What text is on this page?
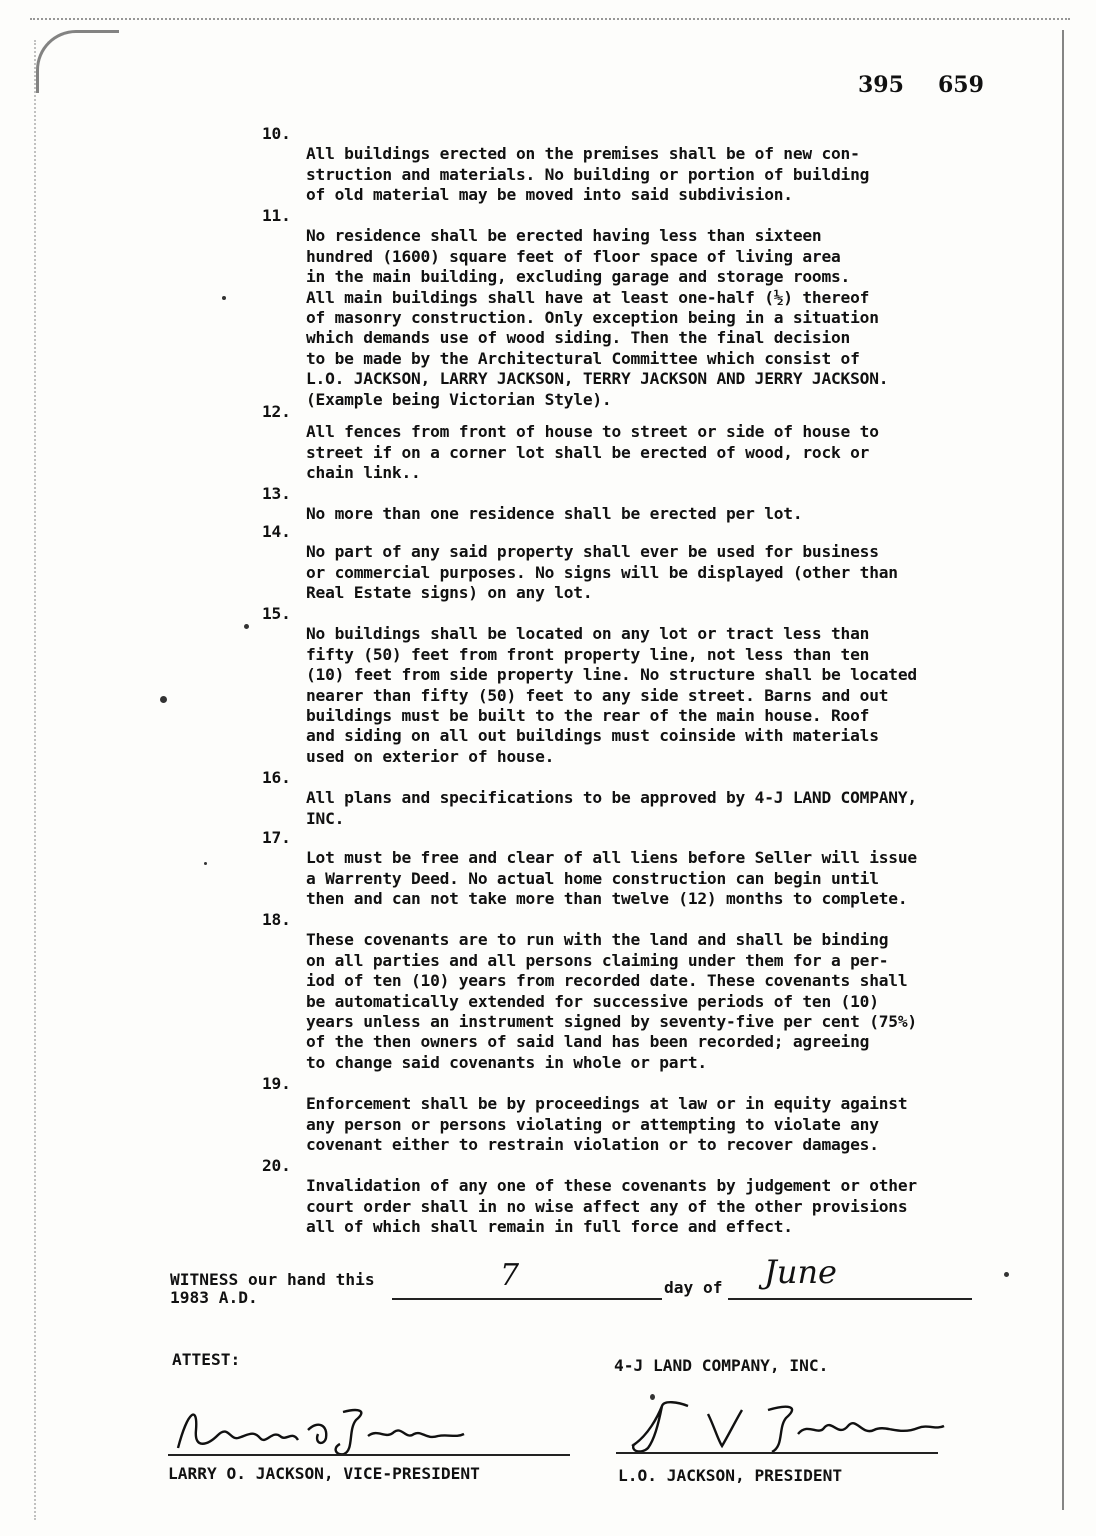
395 659

10.
All buildings erected on the premises shall be of new con-
struction and materials. No building or portion of building
of old material may be moved into said subdivision.

11.
No residence shall be erected having less than sixteen
hundred (1600) square feet of floor space of living area
in the main building, excluding garage and storage rooms.
All main buildings shall have at least one-half (½) thereof
of masonry construction. Only exception being in a situation
which demands use of wood siding. Then the final decision
to be made by the Architectural Committee which consist of
L.O. JACKSON, LARRY JACKSON, TERRY JACKSON AND JERRY JACKSON.
(Example being Victorian Style).

12.
All fences from front of house to street or side of house to
street if on a corner lot shall be erected of wood, rock or
chain link..

13.
No more than one residence shall be erected per lot.

14.
No part of any said property shall ever be used for business
or commercial purposes. No signs will be displayed (other than
Real Estate signs) on any lot.

15.
No buildings shall be located on any lot or tract less than
fifty (50) feet from front property line, not less than ten
(10) feet from side property line. No structure shall be located
nearer than fifty (50) feet to any side street. Barns and out
buildings must be built to the rear of the main house. Roof
and siding on all out buildings must coinside with materials
used on exterior of house.

16.
All plans and specifications to be approved by 4-J LAND COMPANY,
INC.

17.
Lot must be free and clear of all liens before Seller will issue
a Warrenty Deed. No actual home construction can begin until
then and can not take more than twelve (12) months to complete.

18.
These covenants are to run with the land and shall be binding
on all parties and all persons claiming under them for a per-
iod of ten (10) years from recorded date. These covenants shall
be automatically extended for successive periods of ten (10)
years unless an instrument signed by seventy-five per cent (75%)
of the then owners of said land has been recorded; agreeing
to change said covenants in whole or part.

19.
Enforcement shall be by proceedings at law or in equity against
any person or persons violating or attempting to violate any
covenant either to restrain violation or to recover damages.

20.
Invalidation of any one of these covenants by judgement or other
court order shall in no wise affect any of the other provisions
all of which shall remain in full force and effect.

WITNESS our hand this
1983 A.D.
7	day of June
ATTEST:	4-J LAND COMPANY, INC.
LARRY O. JACKSON, VICE-PRESIDENT	L.O. JACKSON, PRESIDENT
